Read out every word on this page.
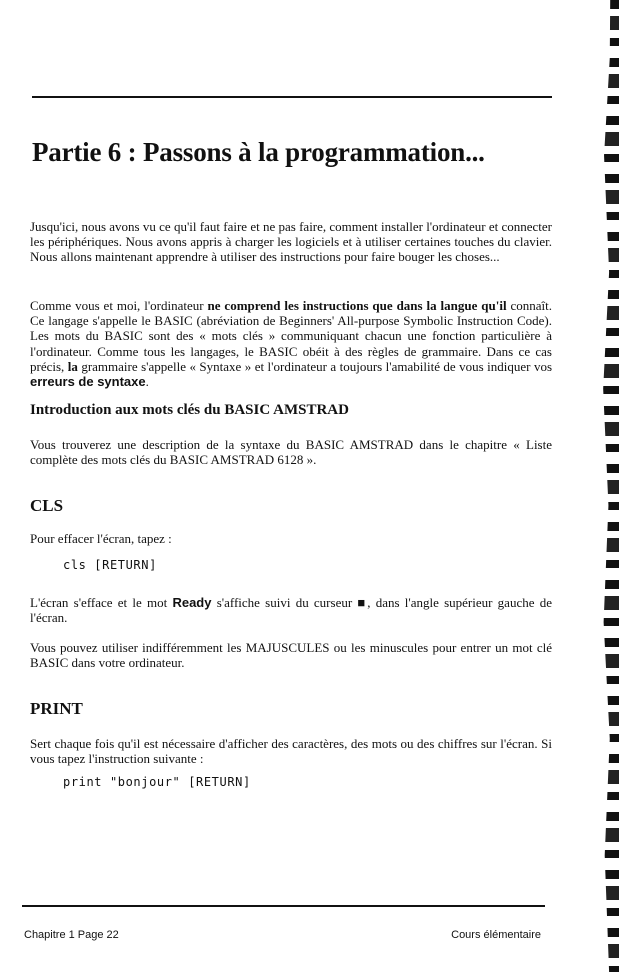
Partie 6 : Passons à la programmation...

Jusqu'ici, nous avons vu ce qu'il faut faire et ne pas faire, comment installer l'ordinateur et connecter les périphériques. Nous avons appris à charger les logiciels et à utiliser certaines touches du clavier. Nous allons maintenant apprendre à utiliser des instructions pour faire bouger les choses...

Comme vous et moi, l'ordinateur ne comprend les instructions que dans la langue qu'il connaît. Ce langage s'appelle le BASIC (abréviation de Beginners' All-purpose Symbolic Instruction Code). Les mots du BASIC sont des « mots clés » communiquant chacun une fonction particulière à l'ordinateur. Comme tous les langages, le BASIC obéit à des règles de grammaire. Dans ce cas précis, la grammaire s'appelle « Syntaxe » et l'ordinateur a toujours l'amabilité de vous indiquer vos erreurs de syntaxe.

Introduction aux mots clés du BASIC AMSTRAD

Vous trouverez une description de la syntaxe du BASIC AMSTRAD dans le chapitre « Liste complète des mots clés du BASIC AMSTRAD 6128 ».

CLS

Pour effacer l'écran, tapez :

cls [RETURN]

L'écran s'efface et le mot Ready s'affiche suivi du curseur ■, dans l'angle supérieur gauche de l'écran.

Vous pouvez utiliser indifféremment les MAJUSCULES ou les minuscules pour entrer un mot clé BASIC dans votre ordinateur.

PRINT

Sert chaque fois qu'il est nécessaire d'afficher des caractères, des mots ou des chiffres sur l'écran. Si vous tapez l'instruction suivante :

print "bonjour" [RETURN]

Chapitre 1 Page 22	Cours élémentaire
